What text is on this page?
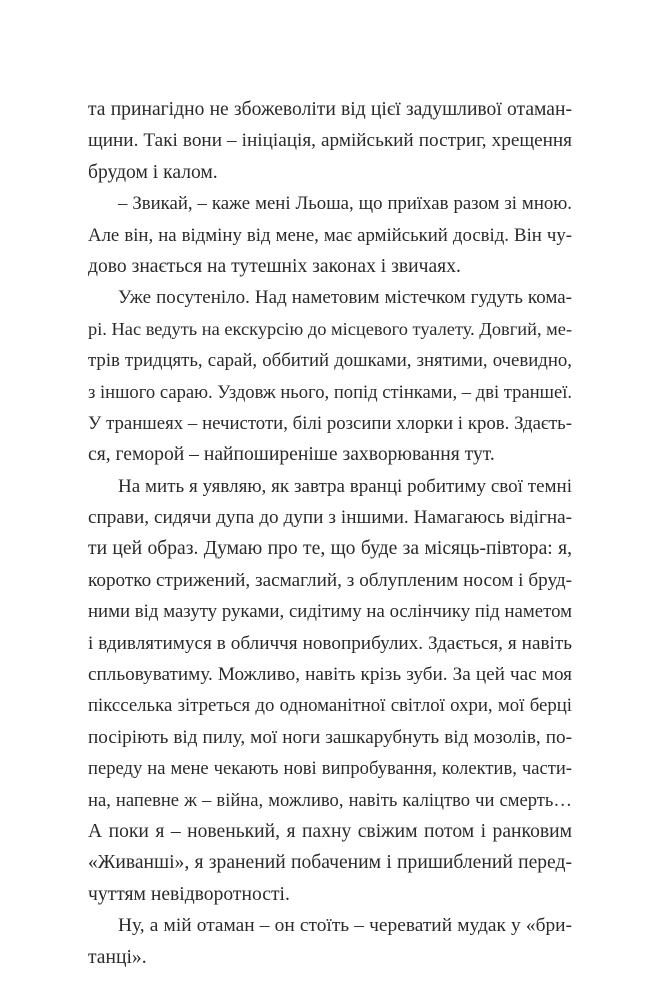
та принагідно не збожеволіти від цієї задушливої отаман-
щини. Такі вони – ініціація, армійський постриг, хрещення
брудом і калом.
– Звикай, – каже мені Льоша, що приїхав разом зі мною.
Але він, на відміну від мене, має армійський досвід. Він чу-
дово знається на тутешніх законах і звичаях.
Уже посутеніло. Над наметовим містечком гудуть кома-
рі. Нас ведуть на екскурсію до місцевого туалету. Довгий, ме-
трів тридцять, сарай, оббитий дошками, знятими, очевидно,
з іншого сараю. Уздовж нього, попід стінками, – дві траншеї.
У траншеях – нечистоти, білі розсипи хлорки і кров. Здаєть-
ся, геморой – найпоширеніше захворювання тут.
На мить я уявляю, як завтра вранці робитиму свої темні
справи, сидячи дупа до дупи з іншими. Намагаюсь відігна-
ти цей образ. Думаю про те, що буде за місяць-півтора: я,
коротко стрижений, засмаглий, з облупленим носом і бруд-
ними від мазуту руками, сидітиму на ослінчику під наметом
і вдивлятимуся в обличчя новоприбулих. Здається, я навіть
спльовуватиму. Можливо, навіть крізь зуби. За цей час моя
піксселька зітреться до одноманітної світлої охри, мої берці
посіріють від пилу, мої ноги зашкарубнуть від мозолів, по-
переду на мене чекають нові випробування, колектив, части-
на, напевне ж – війна, можливо, навіть каліцтво чи смерть…
А поки я – новенький, я пахну свіжим потом і ранковим
«Живанші», я зранений побаченим і пришиблений перед-
чуттям невідворотності.
Ну, а мій отаман – он стоїть – череватий мудак у «бри-
танці».
